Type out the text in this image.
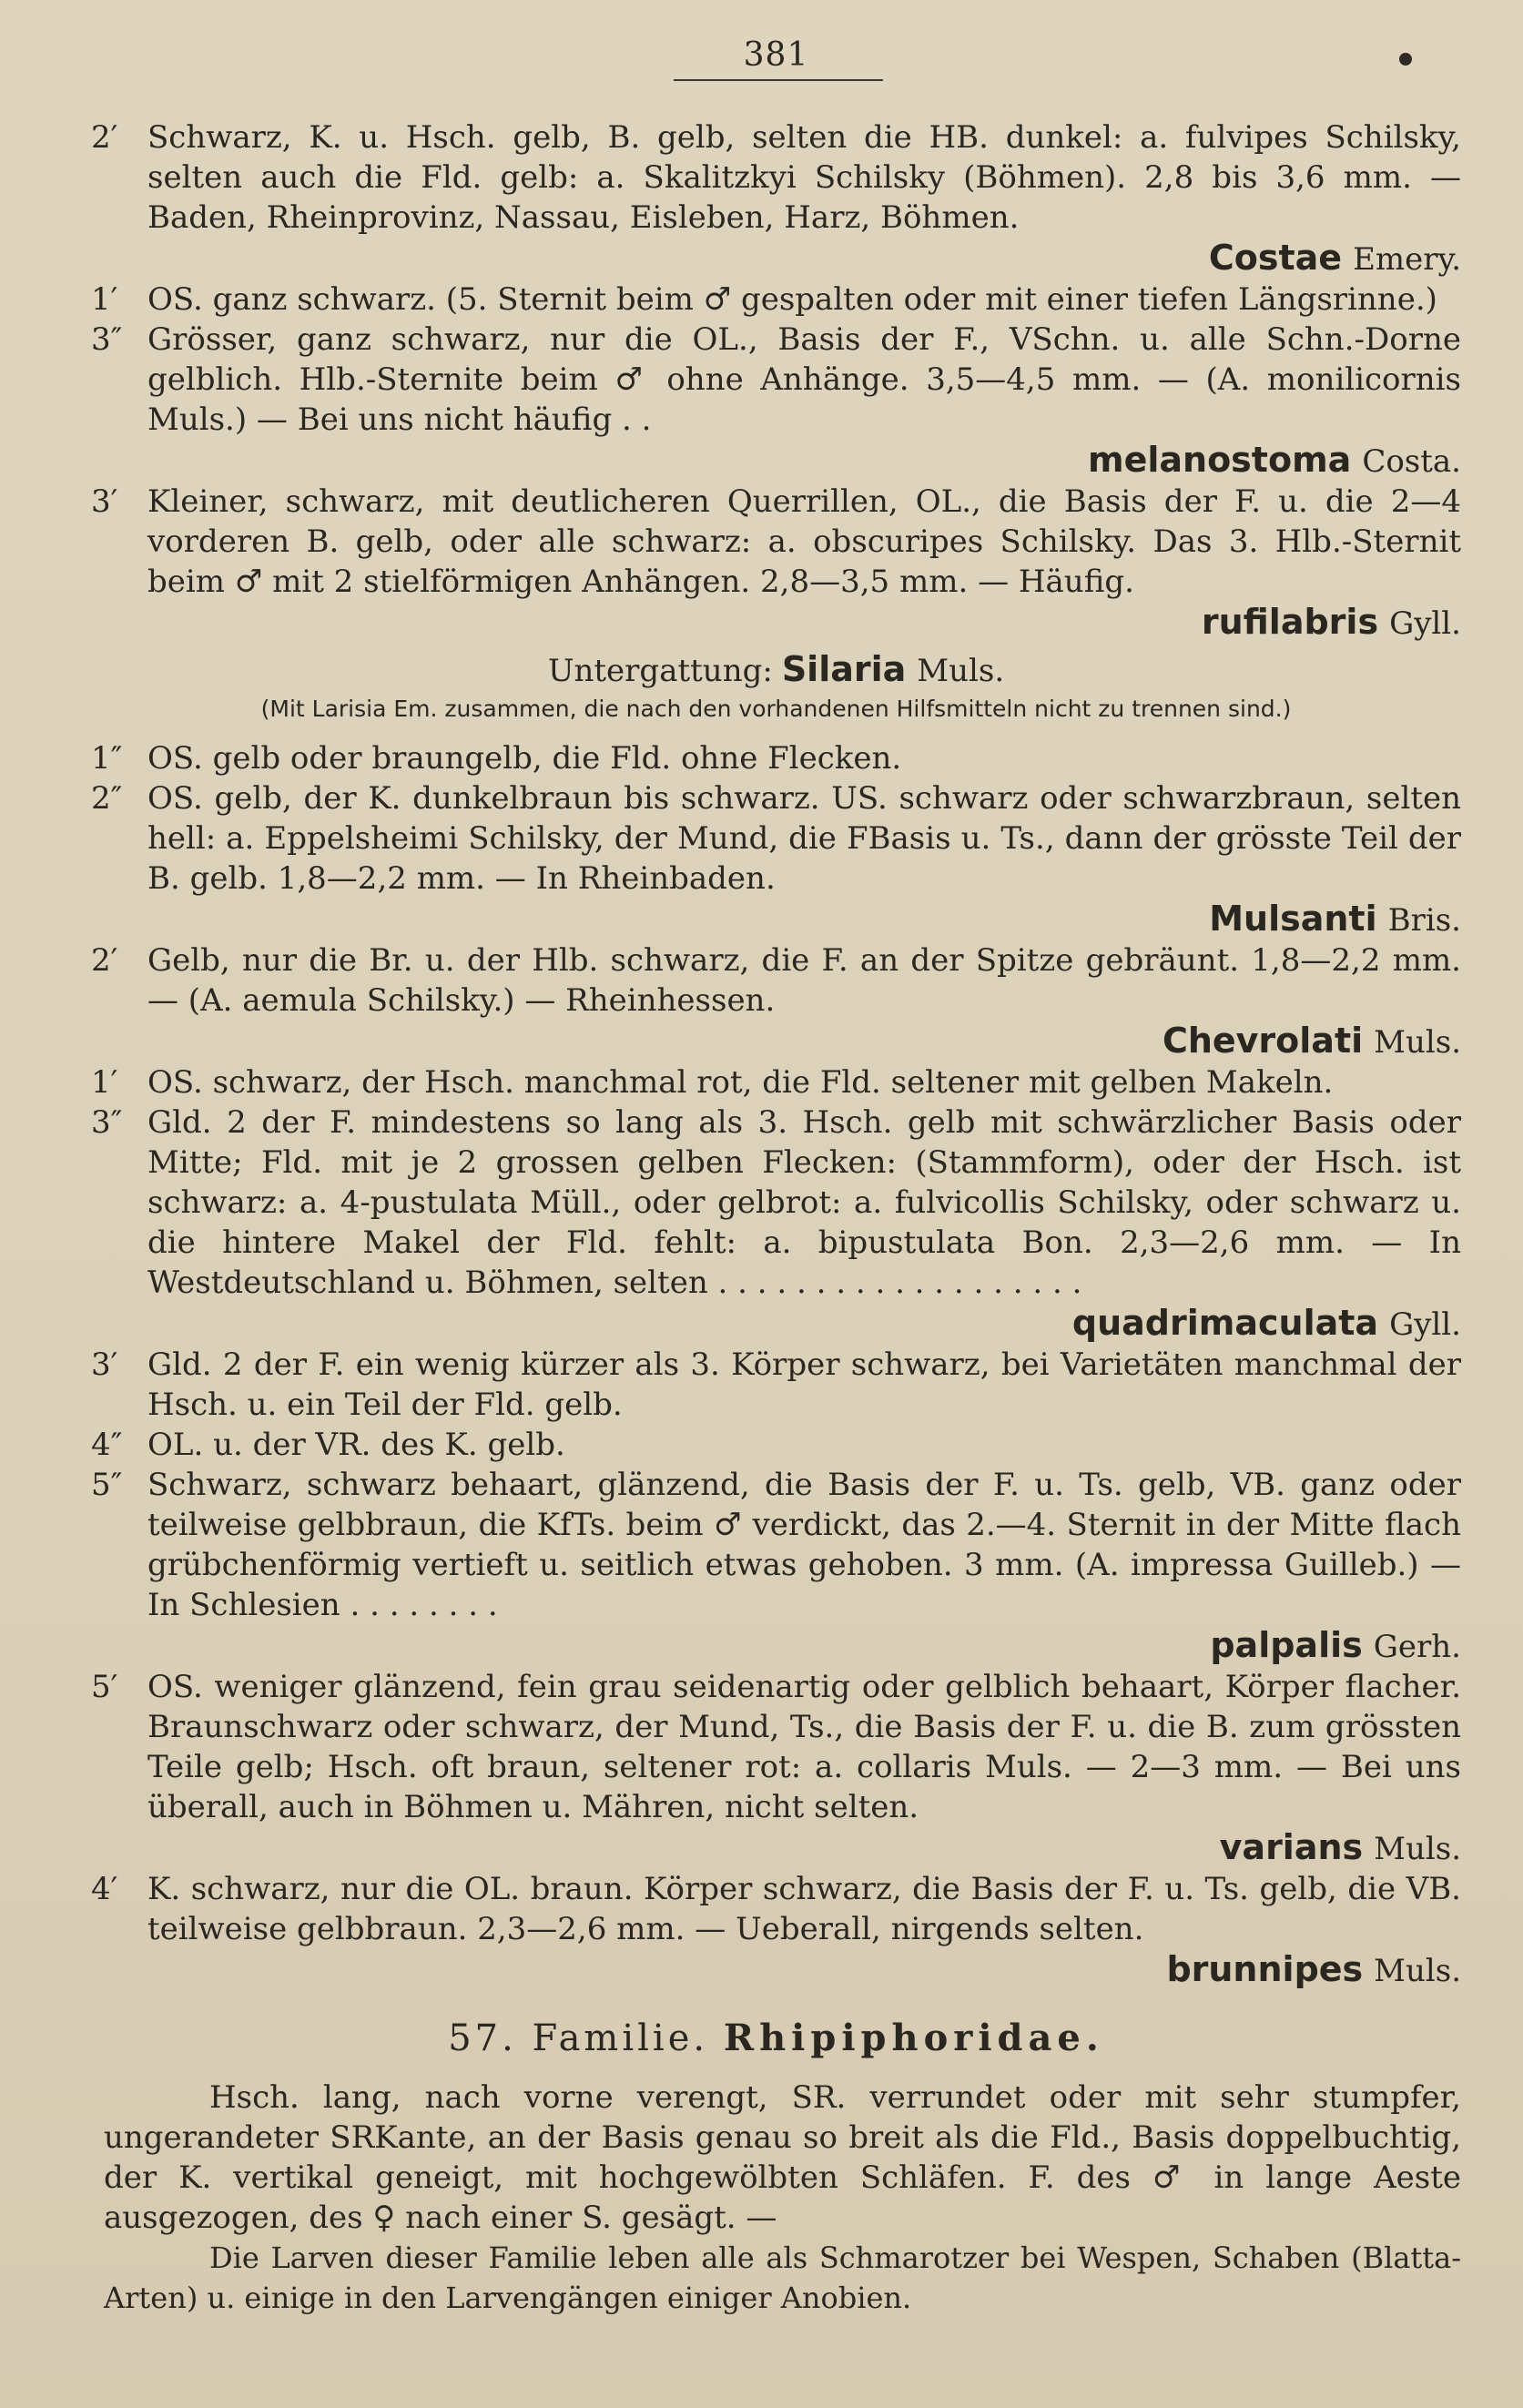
381
2′ Schwarz, K. u. Hsch. gelb, B. gelb, selten die HB. dunkel: a. fulvipes Schilsky, selten auch die Fld. gelb: a. Skalitzkyi Schilsky (Böhmen). 2,8 bis 3,6 mm. — Baden, Rheinprovinz, Nassau, Eisleben, Harz, Böhmen.
Costae Emery.
1′ OS. ganz schwarz. (5. Sternit beim ♂ gespalten oder mit einer tiefen Längsrinne.)
3″ Grösser, ganz schwarz, nur die OL., Basis der F., VSchn. u. alle Schn.-Dorne gelblich. Hlb.-Sternite beim ♂ ohne Anhänge. 3,5—4,5 mm. — (A. monilicornis Muls.) — Bei uns nicht häufig . .
melanostoma Costa.
3′ Kleiner, schwarz, mit deutlicheren Querrillen, OL., die Basis der F. u. die 2—4 vorderen B. gelb, oder alle schwarz: a. obscuripes Schilsky. Das 3. Hlb.-Sternit beim ♂ mit 2 stielförmigen Anhängen. 2,8—3,5 mm. — Häufig.
rufilabris Gyll.
Untergattung: Silaria Muls.
(Mit Larisia Em. zusammen, die nach den vorhandenen Hilfsmitteln nicht zu trennen sind.)
1″ OS. gelb oder braungelb, die Fld. ohne Flecken.
2″ OS. gelb, der K. dunkelbraun bis schwarz. US. schwarz oder schwarzbraun, selten hell: a. Eppelsheimi Schilsky, der Mund, die FBasis u. Ts., dann der grösste Teil der B. gelb. 1,8—2,2 mm. — In Rheinbaden.
Mulsanti Bris.
2′ Gelb, nur die Br. u. der Hlb. schwarz, die F. an der Spitze gebräunt. 1,8—2,2 mm. — (A. aemula Schilsky.) — Rheinhessen.
Chevrolati Muls.
1′ OS. schwarz, der Hsch. manchmal rot, die Fld. seltener mit gelben Makeln.
3″ Gld. 2 der F. mindestens so lang als 3. Hsch. gelb mit schwärzlicher Basis oder Mitte; Fld. mit je 2 grossen gelben Flecken: (Stammform), oder der Hsch. ist schwarz: a. 4-pustulata Müll., oder gelbrot: a. fulvicollis Schilsky, oder schwarz u. die hintere Makel der Fld. fehlt: a. bipustulata Bon. 2,3—2,6 mm. — In Westdeutschland u. Böhmen, selten . . . . . . . . . . . . . . . . . . .
quadrimaculata Gyll.
3′ Gld. 2 der F. ein wenig kürzer als 3. Körper schwarz, bei Varietäten manchmal der Hsch. u. ein Teil der Fld. gelb.
4″ OL. u. der VR. des K. gelb.
5″ Schwarz, schwarz behaart, glänzend, die Basis der F. u. Ts. gelb, VB. ganz oder teilweise gelbbraun, die KfTs. beim ♂ verdickt, das 2.—4. Sternit in der Mitte flach grübchenförmig vertieft u. seitlich etwas gehoben. 3 mm. (A. impressa Guilleb.) — In Schlesien . . . . . . . .
palpalis Gerh.
5′ OS. weniger glänzend, fein grau seidenartig oder gelblich behaart, Körper flacher. Braunschwarz oder schwarz, der Mund, Ts., die Basis der F. u. die B. zum grössten Teile gelb; Hsch. oft braun, seltener rot: a. collaris Muls. — 2—3 mm. — Bei uns überall, auch in Böhmen u. Mähren, nicht selten.
varians Muls.
4′ K. schwarz, nur die OL. braun. Körper schwarz, die Basis der F. u. Ts. gelb, die VB. teilweise gelbbraun. 2,3—2,6 mm. — Ueberall, nirgends selten.
brunnipes Muls.
57. Familie. Rhipiphoridae.
Hsch. lang, nach vorne verengt, SR. verrundet oder mit sehr stumpfer, ungerandeter SRKante, an der Basis genau so breit als die Fld., Basis doppelbuchtig, der K. vertikal geneigt, mit hochgewölbten Schläfen. F. des ♂ in lange Aeste ausgezogen, des ♀ nach einer S. gesägt. —
Die Larven dieser Familie leben alle als Schmarotzer bei Wespen, Schaben (Blatta-Arten) u. einige in den Larvengängen einiger Anobien.
